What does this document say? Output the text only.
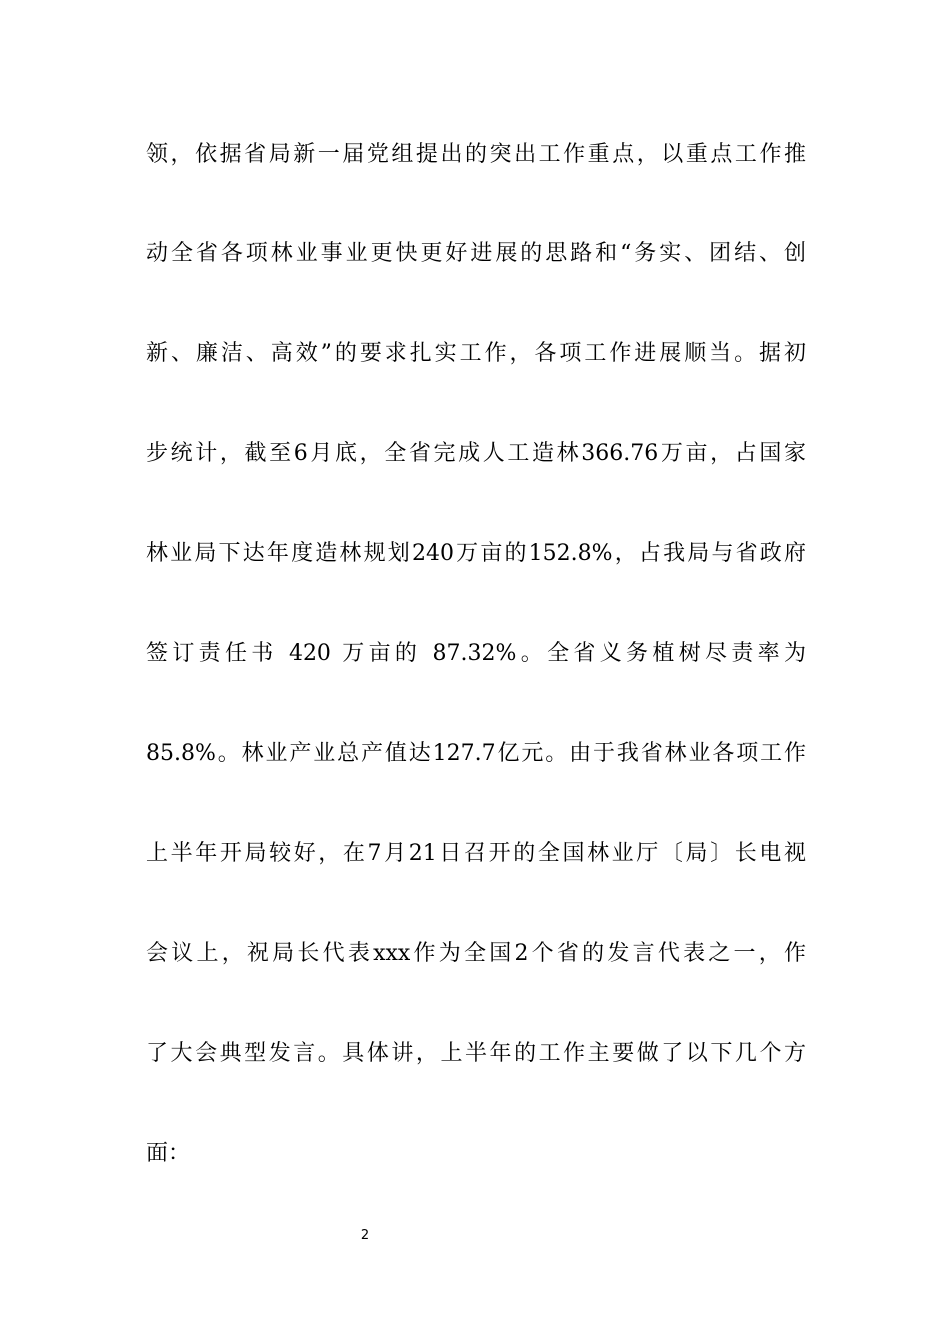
领，依据省局新一届党组提出的突出工作重点，以重点工作推
动全省各项林业事业更快更好进展的思路和“务实、团结、创
新、廉洁、高效”的要求扎实工作，各项工作进展顺当。据初
步统计，截至6月底，全省完成人工造林366.76万亩，占国家
林业局下达年度造林规划240万亩的152.8%，占我局与省政府
签订责任书 420 万亩的 87.32%。全省义务植树尽责率为
85.8%。林业产业总产值达127.7亿元。由于我省林业各项工作
上半年开局较好，在7月21日召开的全国林业厅〔局〕长电视
会议上，祝局长代表xxx作为全国2个省的发言代表之一，作
了大会典型发言。具体讲，上半年的工作主要做了以下几个方
面：
2
